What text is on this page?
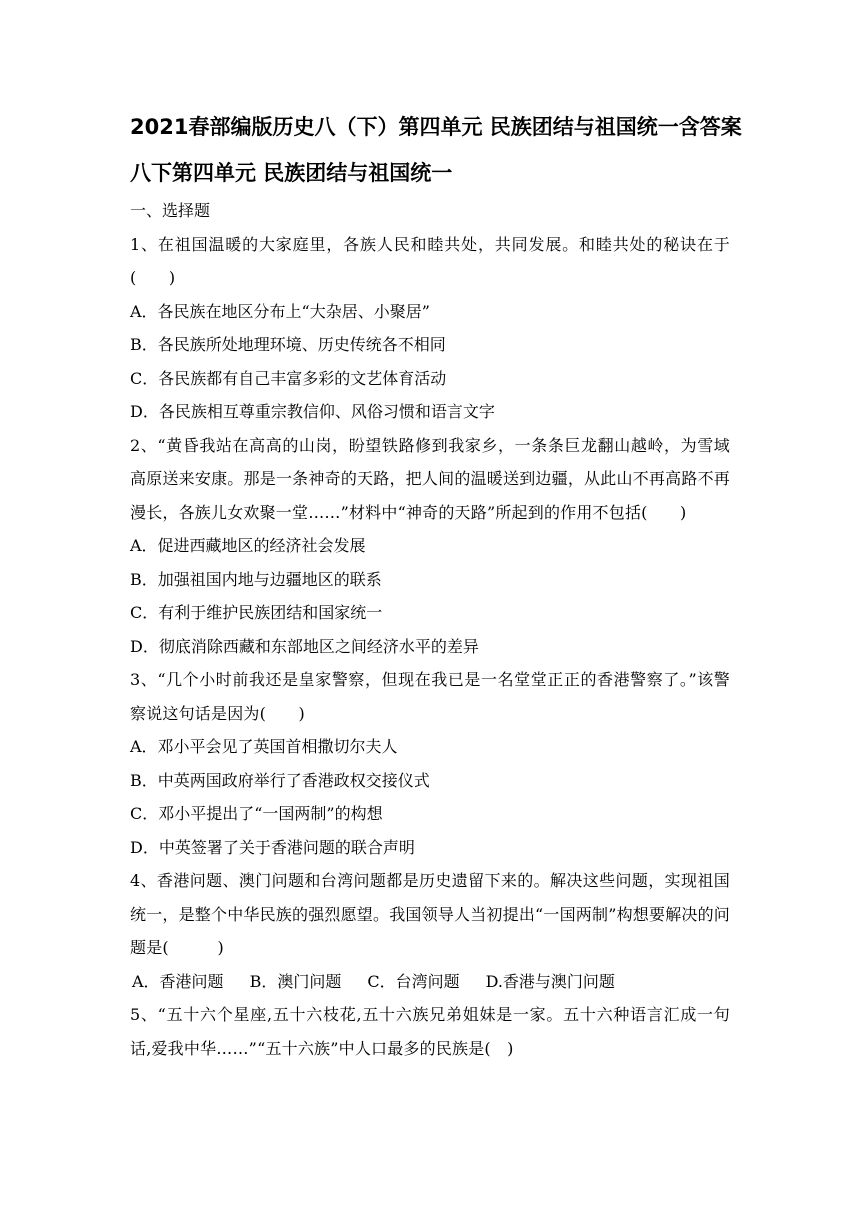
2021春部编版历史八（下）第四单元 民族团结与祖国统一含答案
八下第四单元 民族团结与祖国统一
一、选择题
1、在祖国温暖的大家庭里，各族人民和睦共处，共同发展。和睦共处的秘诀在于(　　)
A．各民族在地区分布上“大杂居、小聚居”
B．各民族所处地理环境、历史传统各不相同
C．各民族都有自己丰富多彩的文艺体育活动
D．各民族相互尊重宗教信仰、风俗习惯和语言文字
2、“黄昏我站在高高的山岗，盼望铁路修到我家乡，一条条巨龙翻山越岭，为雪域高原送来安康。那是一条神奇的天路，把人间的温暖送到边疆，从此山不再高路不再漫长，各族儿女欢聚一堂……”材料中“神奇的天路”所起到的作用不包括(　　)
A．促进西藏地区的经济社会发展
B．加强祖国内地与边疆地区的联系
C．有利于维护民族团结和国家统一
D．彻底消除西藏和东部地区之间经济水平的差异
3、“几个小时前我还是皇家警察，但现在我已是一名堂堂正正的香港警察了。”该警察说这句话是因为(　　)
A．邓小平会见了英国首相撒切尔夫人
B．中英两国政府举行了香港政权交接仪式
C．邓小平提出了“一国两制”的构想
D．中英签署了关于香港问题的联合声明
4、香港问题、澳门问题和台湾问题都是历史遗留下来的。解决这些问题，实现祖国统一，是整个中华民族的强烈愿望。我国领导人当初提出“一国两制”构想要解决的问题是(　　　)
A．香港问题 B．澳门问题 C．台湾问题 D.香港与澳门问题
5、“五十六个星座,五十六枝花,五十六族兄弟姐妹是一家。五十六种语言汇成一句话,爱我中华……”“五十六族”中人口最多的民族是(　)
